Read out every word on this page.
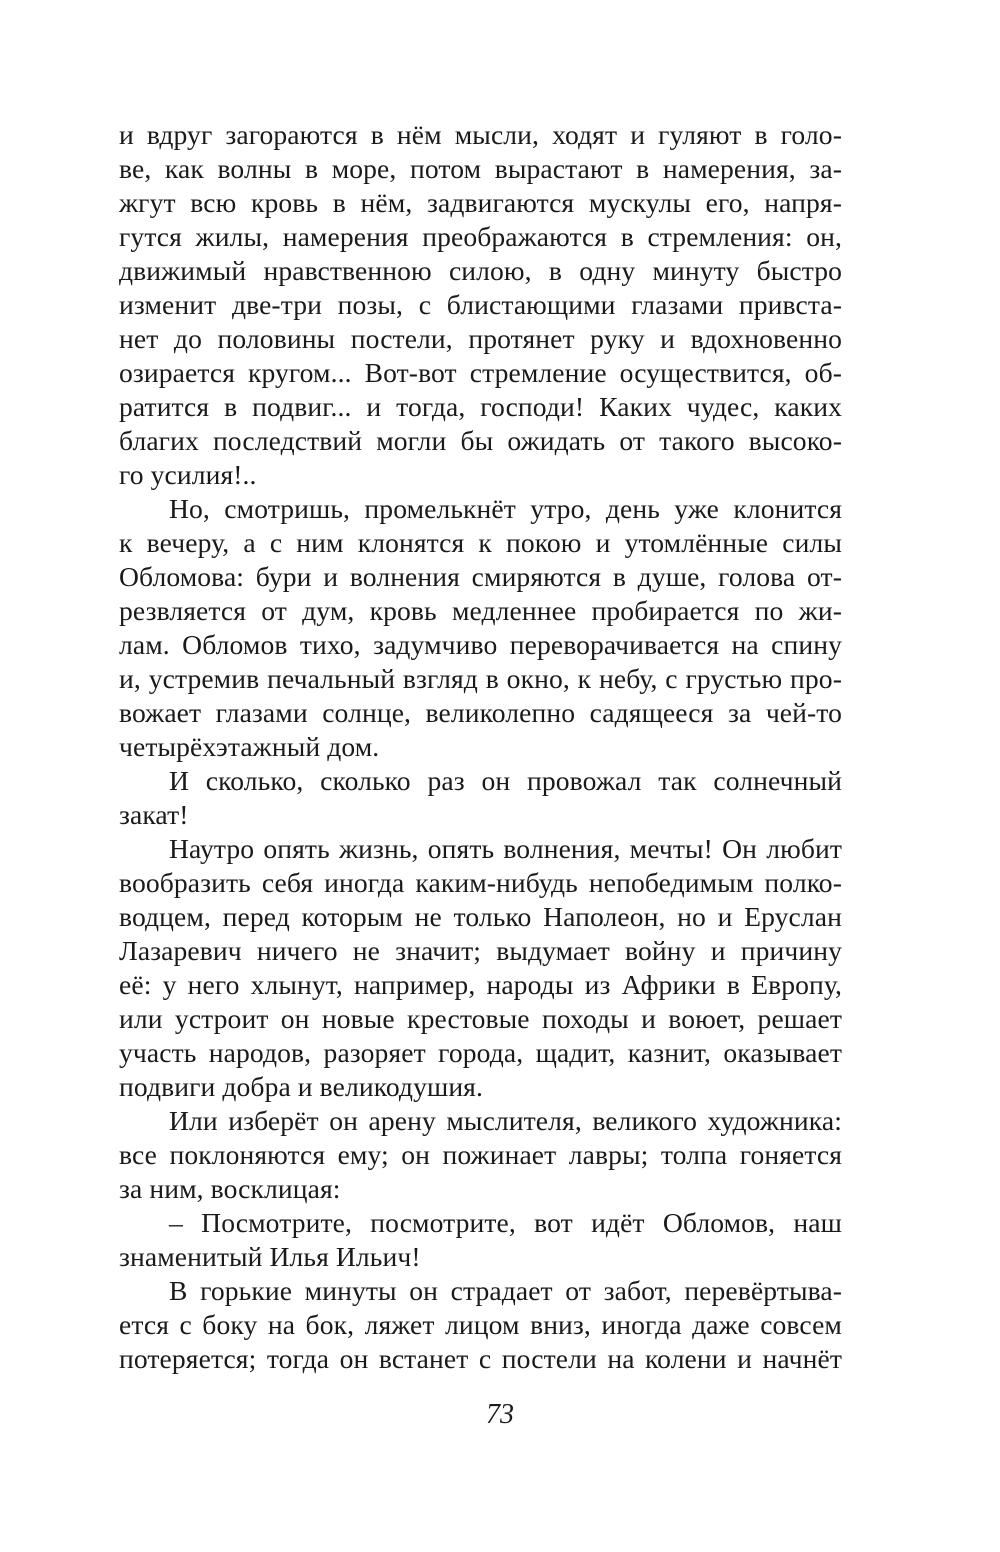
и вдруг загораются в нём мысли, ходят и гуляют в голо-
ве, как волны в море, потом вырастают в намерения, за-
жгут всю кровь в нём, задвигаются мускулы его, напря-
гутся жилы, намерения преображаются в стремления: он,
движимый нравственною силою, в одну минуту быстро
изменит две-три позы, с блистающими глазами привста-
нет до половины постели, протянет руку и вдохновенно
озирается кругом... Вот-вот стремление осуществится, об-
ратится в подвиг... и тогда, господи! Каких чудес, каких
благих последствий могли бы ожидать от такого высоко-
го усилия!..
Но, смотришь, промелькнёт утро, день уже клонится
к вечеру, а с ним клонятся к покою и утомлённые силы
Обломова: бури и волнения смиряются в душе, голова от-
резвляется от дум, кровь медленнее пробирается по жи-
лам. Обломов тихо, задумчиво переворачивается на спину
и, устремив печальный взгляд в окно, к небу, с грустью про-
вожает глазами солнце, великолепно садящееся за чей-то
четырёхэтажный дом.
И сколько, сколько раз он провожал так солнечный
закат!
Наутро опять жизнь, опять волнения, мечты! Он любит
вообразить себя иногда каким-нибудь непобедимым полко-
водцем, перед которым не только Наполеон, но и Еруслан
Лазаревич ничего не значит; выдумает войну и причину
её: у него хлынут, например, народы из Африки в Европу,
или устроит он новые крестовые походы и воюет, решает
участь народов, разоряет города, щадит, казнит, оказывает
подвиги добра и великодушия.
Или изберёт он арену мыслителя, великого художника:
все поклоняются ему; он пожинает лавры; толпа гоняется
за ним, восклицая:
– Посмотрите, посмотрите, вот идёт Обломов, наш
знаменитый Илья Ильич!
В горькие минуты он страдает от забот, перевёртыва-
ется с боку на бок, ляжет лицом вниз, иногда даже совсем
потеряется; тогда он встанет с постели на колени и начнёт
73
